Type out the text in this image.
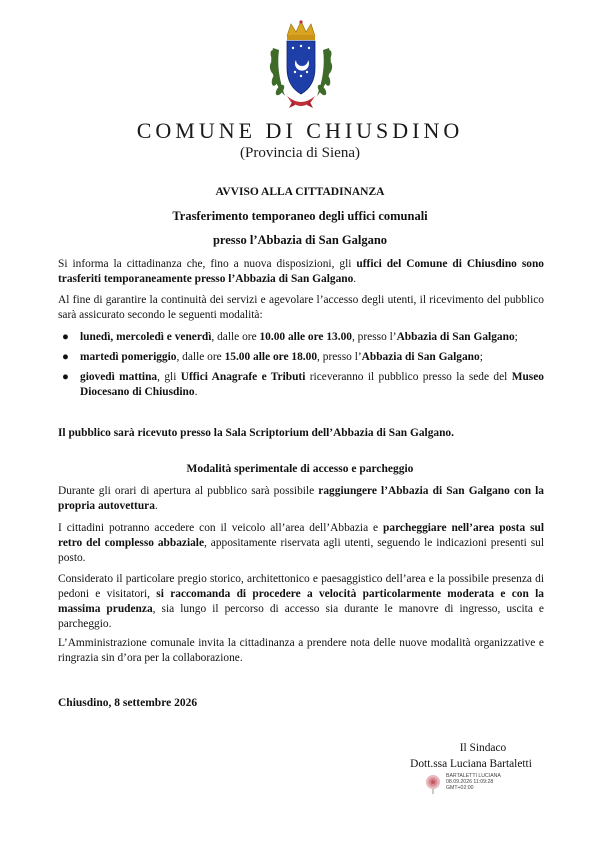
COMUNE DI CHIUSDINO
(Provincia di Siena)
AVVISO ALLA CITTADINANZA
Trasferimento temporaneo degli uffici comunali
presso l’Abbazia di San Galgano
Si informa la cittadinanza che, fino a nuova disposizioni, gli uffici del Comune di Chiusdino sono trasferiti temporaneamente presso l’Abbazia di San Galgano.
Al fine di garantire la continuità dei servizi e agevolare l’accesso degli utenti, il ricevimento del pubblico sarà assicurato secondo le seguenti modalità:
● lunedì, mercoledì e venerdì, dalle ore 10.00 alle ore 13.00, presso l’Abbazia di San Galgano;
● martedì pomeriggio, dalle ore 15.00 alle ore 18.00, presso l’Abbazia di San Galgano;
● giovedì mattina, gli Uffici Anagrafe e Tributi riceveranno il pubblico presso la sede del Museo Diocesano di Chiusdino.
Il pubblico sarà ricevuto presso la Sala Scriptorium dell’Abbazia di San Galgano.
Modalità sperimentale di accesso e parcheggio
Durante gli orari di apertura al pubblico sarà possibile raggiungere l’Abbazia di San Galgano con la propria autovettura.
I cittadini potranno accedere con il veicolo all’area dell’Abbazia e parcheggiare nell’area posta sul retro del complesso abbaziale, appositamente riservata agli utenti, seguendo le indicazioni presenti sul posto.
Considerato il particolare pregio storico, architettonico e paesaggistico dell’area e la possibile presenza di pedoni e visitatori, si raccomanda di procedere a velocità particolarmente moderata e con la massima prudenza, sia lungo il percorso di accesso sia durante le manovre di ingresso, uscita e parcheggio.
L’Amministrazione comunale invita la cittadinanza a prendere nota delle nuove modalità organizzative e ringrazia sin d’ora per la collaborazione.
Chiusdino, 8 settembre 2026
Il Sindaco
Dott.ssa Luciana Bartaletti
BARTALETTI LUCIANA
08.09.2026 11:09:28
GMT+02:00
